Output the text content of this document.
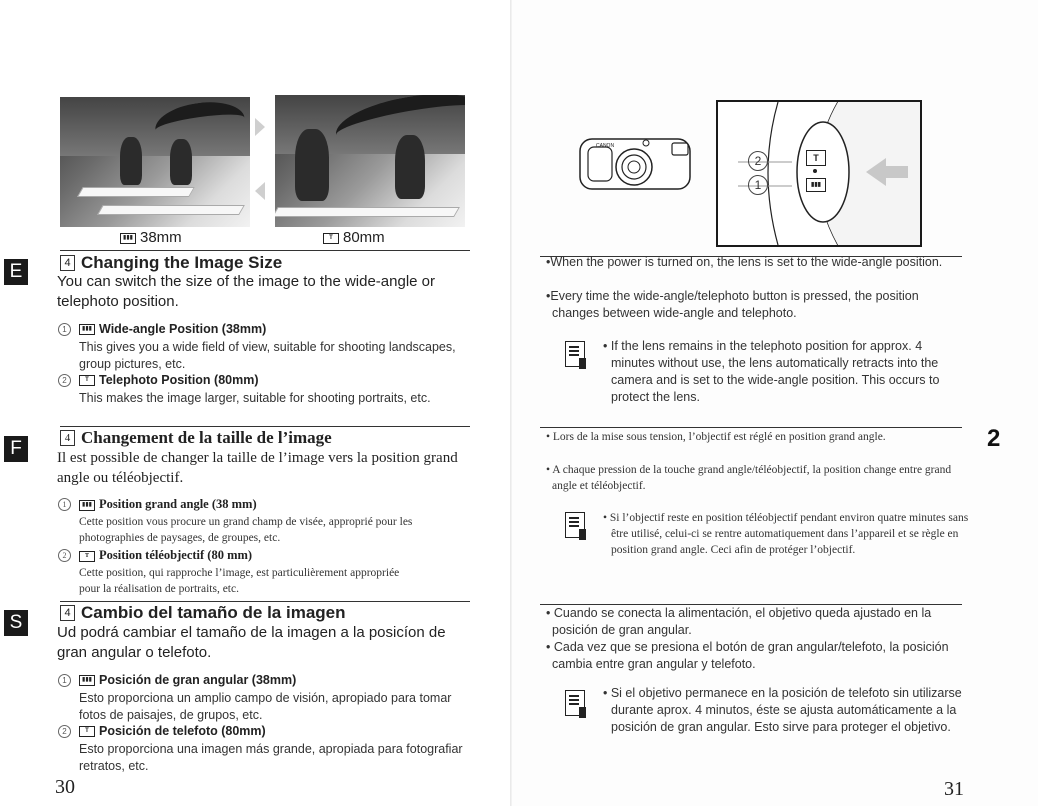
▮▮▮ 38mm	T 80mm
E	4 Changing the Image Size
You can switch the size of the image to the wide-angle or telephoto position.
1	▮▮▮ Wide-angle Position (38mm)
This gives you a wide field of view, suitable for shooting landscapes, group pictures, etc.
2	T Telephoto Position (80mm)
This makes the image larger, suitable for shooting portraits, etc.
F	4 Changement de la taille de l’image
Il est possible de changer la taille de l’image vers la position grand angle ou téléobjectif.
1	▮▮▮ Position grand angle (38 mm)
Cette position vous procure un grand champ de visée, approprié pour les photographies de paysages, de groupes, etc.
2	T Position téléobjectif (80 mm)
Cette position, qui rapproche l’image, est particulièrement appropriée pour la réalisation de portraits, etc.
S	4 Cambio del tamaño de la imagen
Ud podrá cambiar el tamaño de la imagen a la posicíon de gran angular o telefoto.
1	▮▮▮ Posición de gran angular (38mm)
Esto proporciona un amplio campo de visión, apropiado para tomar fotos de paisajes, de grupos, etc.
2	T Posición de telefoto (80mm)
Esto proporciona una imagen más grande, apropiada para fotografiar retratos, etc.
30
CANON
2
1
T
▮▮▮
•When the power is turned on, the lens is set to the wide-angle position.
•Every time the wide-angle/telephoto button is pressed, the position changes between wide-angle and telephoto.
• If the lens remains in the telephoto position for approx. 4 minutes without use, the lens automatically retracts into the camera and is set to the wide-angle position. This occurs to protect the lens.
• Lors de la mise sous tension, l’objectif est réglé en position grand angle.
• A chaque pression de la touche grand angle/téléobjectif, la position change entre grand angle et téléobjectif.
• Si l’objectif reste en position téléobjectif pendant environ quatre minutes sans être utilisé, celui-ci se rentre automatiquement dans l’appareil et se règle en position grand angle. Ceci afin de protéger l’objectif.
2
• Cuando se conecta la alimentación, el objetivo queda ajustado en la posición de gran angular.
• Cada vez que se presiona el botón de gran angular/telefoto, la posición cambia entre gran angular y telefoto.
• Si el objetivo permanece en la posición de telefoto sin utilizarse durante aprox. 4 minutos, éste se ajusta automáticamente a la posición de gran angular. Esto sirve para proteger el objetivo.
31
